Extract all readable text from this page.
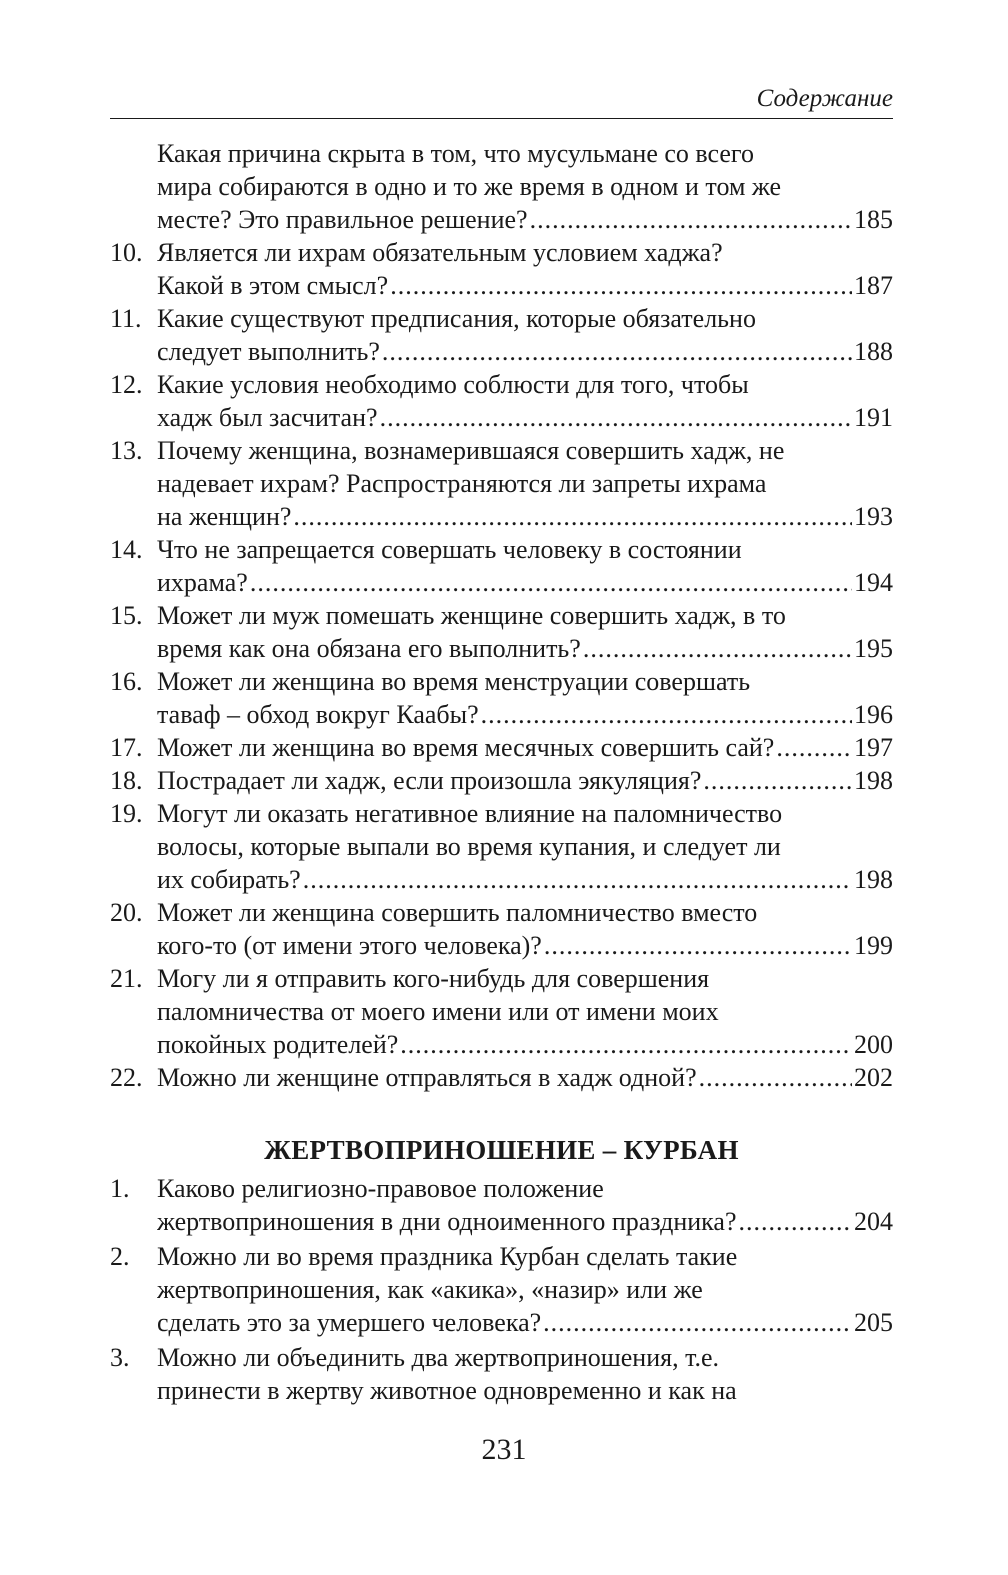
Содержание
Какая причина скрыта в том, что мусульмане со всего
мира собираются в одно и то же время в одном и том же
месте? Это правильное решение? .....	185
10. Является ли ихрам обязательным условием хаджа?
Какой в этом смысл? .....	187
11. Какие существуют предписания, которые обязательно
следует выполнить? .....	188
12. Какие условия необходимо соблюсти для того, чтобы
хадж был засчитан? .....	191
13. Почему женщина, вознамерившаяся совершить хадж, не
надевает ихрам? Распространяются ли запреты ихрама
на женщин? .....	193
14. Что не запрещается совершать человеку в состоянии
ихрама? .....	194
15. Может ли муж помешать женщине совершить хадж, в то
время как она обязана его выполнить? .....	195
16. Может ли женщина во время менструации совершать
таваф – обход вокруг Каабы? .....	196
17. Может ли женщина во время месячных совершить сай? .....	197
18. Пострадает ли хадж, если произошла эякуляция? .....	198
19. Могут ли оказать негативное влияние на паломничество
волосы, которые выпали во время купания, и следует ли
их собирать? .....	198
20. Может ли женщина совершить паломничество вместо
кого-то (от имени этого человека)? .....	199
21. Могу ли я отправить кого-нибудь для совершения
паломничества от моего имени или от имени моих
покойных родителей? .....	200
22. Можно ли женщине отправляться в хадж одной? .....	202
1. Каково религиозно-правовое положение
жертвоприношения в дни одноименного праздника? .....	204
2. Можно ли во время праздника Курбан сделать такие
жертвоприношения, как «акика», «назир» или же
сделать это за умершего человека? .....	205
3. Можно ли объединить два жертвоприношения, т.е.
принести в жертву животное одновременно и как на
ЖЕРТВОПРИНОШЕНИЕ – КУРБАН
231
